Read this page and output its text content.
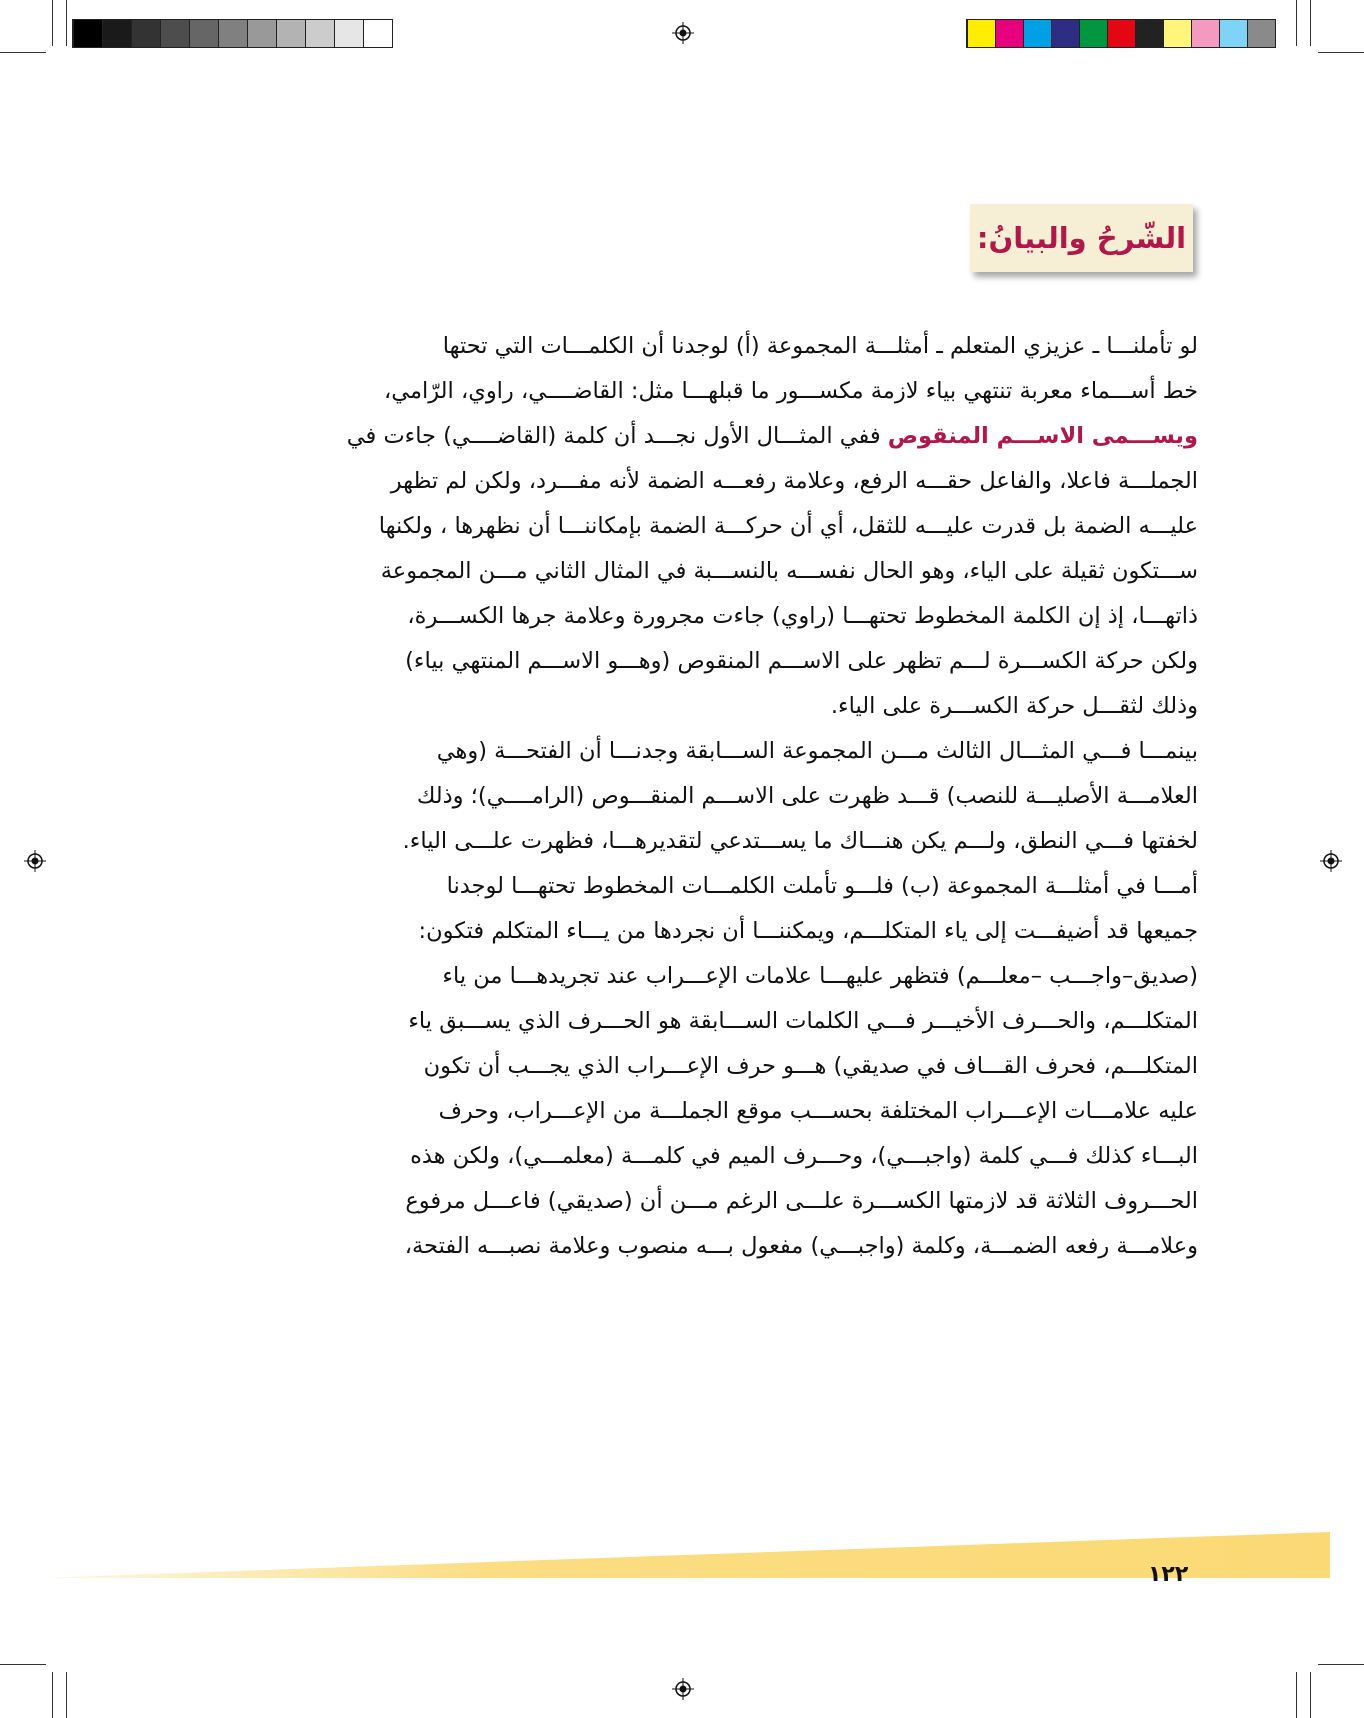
الشّرحُ والبيانُ:

لو تأملنـــا ـ عزيزي المتعلم ـ أمثلـــة المجموعة (أ) لوجدنا أن الكلمـــات التي تحتها
خط أســـماء معربة تنتهي بياء لازمة مكســـور ما قبلهـــا مثل: القاضــــي، راوي، الرّامي،
ويســـمى الاســـم المنقوص ففي المثـــال الأول نجـــد أن كلمة (القاضــــي) جاءت في
الجملـــة فاعلا، والفاعل حقـــه الرفع، وعلامة رفعـــه الضمة لأنه مفـــرد، ولكن لم تظهر
عليـــه الضمة بل قدرت عليـــه للثقل، أي أن حركـــة الضمة بإمكاننـــا أن نظهرها ، ولكنها
ســـتكون ثقيلة على الياء، وهو الحال نفســـه بالنســـبة في المثال الثاني مـــن المجموعة
ذاتهـــا، إذ إن الكلمة المخطوط تحتهـــا (راوي) جاءت مجرورة وعلامة جرها الكســـرة،
ولكن حركة الكســـرة لـــم تظهر على الاســـم المنقوص (وهـــو الاســـم المنتهي بياء)
وذلك لثقـــل حركة الكســـرة على الياء.

بينمـــا فـــي المثـــال الثالث مـــن المجموعة الســـابقة وجدنـــا أن الفتحـــة (وهي
العلامـــة الأصليـــة للنصب) قـــد ظهرت على الاســـم المنقـــوص (الرامــــي)؛ وذلك
لخفتها فـــي النطق، ولـــم يكن هنـــاك ما يســـتدعي لتقديرهـــا، فظهرت علـــى الياء.

أمـــا في أمثلـــة المجموعة (ب) فلـــو تأملت الكلمـــات المخطوط تحتهـــا لوجدنا
جميعها قد أضيفـــت إلى ياء المتكلـــم، ويمكننـــا أن نجردها من يـــاء المتكلم فتكون:
(صديق–واجـــب –معلـــم) فتظهر عليهـــا علامات الإعـــراب عند تجريدهـــا من ياء
المتكلـــم، والحـــرف الأخيـــر فـــي الكلمات الســـابقة هو الحـــرف الذي يســـبق ياء
المتكلـــم، فحرف القـــاف في صديقي) هـــو حرف الإعـــراب الذي يجـــب أن تكون
عليه علامـــات الإعـــراب المختلفة بحســـب موقع الجملـــة من الإعـــراب، وحرف
البـــاء كذلك فـــي كلمة (واجبـــي)، وحـــرف الميم في كلمـــة (معلمـــي)، ولكن هذه
الحـــروف الثلاثة قد لازمتها الكســـرة علـــى الرغم مـــن أن (صديقي) فاعـــل مرفوع
وعلامـــة رفعه الضمـــة، وكلمة (واجبـــي) مفعول بـــه منصوب وعلامة نصبـــه الفتحة،

١٢٢
